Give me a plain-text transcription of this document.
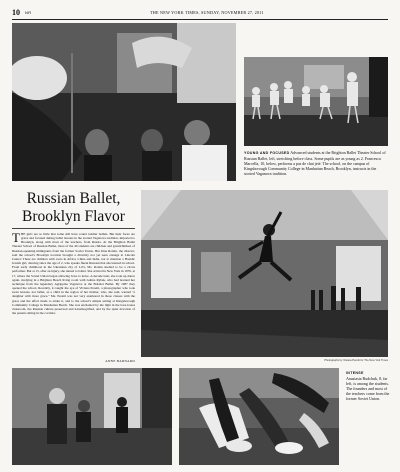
10 NR	THE NEW YORK TIMES, SUNDAY, NOVEMBER 27, 2011
YOUNG AND FOCUSED Advanced students at the Brighton Ballet Theater School of Russian Ballet, left, stretching before class. Some pupils are as young as 2. Francesca Marcella, 10, below, performs a pas de chat jeté. The school, on the campus of Kingsborough Community College in Manhattan Beach, Brooklyn, instructs in the storied Vaganova tradition.
Russian Ballet, Brooklyn Flavor
THE girls are so little that some still have round toddler bellies. But their faces are grave and focused during ballet lessons in the storied Vaganova tradition, imported to Brooklyn, along with most of the teachers, from Russia. At the Brighton Ballet Theater School of Russian Ballet, most of the 40 students are children and grandchildren of Russian-speaking immigrants from the former Soviet Union. But Irina Roizin, the director, said the school's Brooklyn location brought a diversity not yet seen onstage at Lincoln Center: There are children with roots in Africa, China and India, not to mention a Hasidic Jewish girl, dancing since the age of 2, who speaks fluent Russian that she learned in school. From early childhood in the Ukrainian city of Lviv, Ms. Roizin studied to be a circus performer. But at 15, after an injury, she turned to ballet. She arrived in New York in 1976, at 17, where the Soviet Union began allowing Jews to leave. A decade later, she took up dance again, studying in a Brighton Beach living room with Galina Rybak, who had learned her technique from the legendary Agrippina Vaganova at the Bolshoi Ballet. By 1987 they opened the school. Recently, it caught the eye of Viviana Peretti, a photographer who took swan lessons, not ballet, as a child in the region of her mother, who, she said, wanted "a daughter with more grace." Ms. Peretti was not very enamored in those classes with the grace and the effort made to attain it, and to the school's simple setting at Kingsborough Community College in Manhattan Beach. She was enchanted by the light in the bare-bones classroom, the Russian culture preserved and transmogrified, and by the quiet devotion of the parents sitting in the corridor.
ANNE BARNARD	Photographs by Viviana Peretti for The New York Times
INTENSE
Anastasia Rudchuk, 8, far left, is among the students. The founders and most of the teachers come from the former Soviet Union.
